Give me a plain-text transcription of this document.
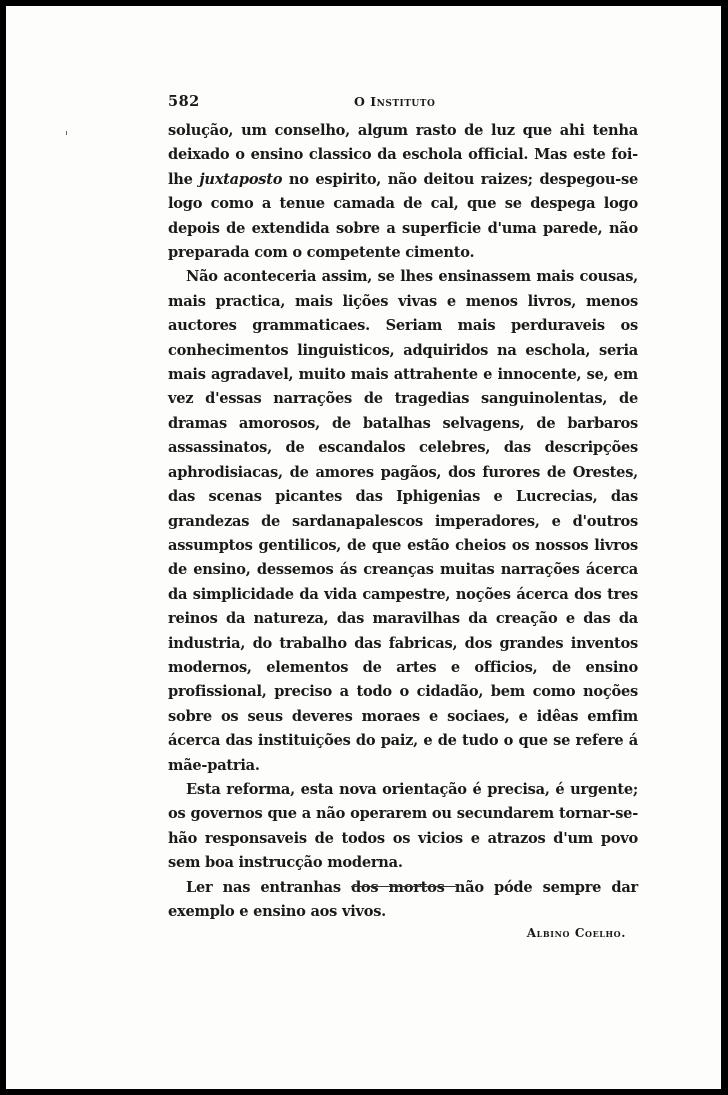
582	O Instituto

solução, um conselho, algum rasto de luz que ahi tenha deixado o ensino classico da eschola official. Mas este foi-lhe juxtaposto no espirito, não deitou raizes; despegou-se logo como a tenue camada de cal, que se despega logo depois de extendida sobre a superficie d'uma parede, não preparada com o competente cimento.

Não aconteceria assim, se lhes ensinassem mais cousas, mais practica, mais lições vivas e menos livros, menos auctores grammaticaes. Seriam mais perduraveis os conhecimentos linguisticos, adquiridos na eschola, seria mais agradavel, muito mais attrahente e innocente, se, em vez d'essas narrações de tragedias sanguinolentas, de dramas amorosos, de batalhas selvagens, de barbaros assassinatos, de escandalos celebres, das descripções aphrodisiacas, de amores pagãos, dos furores de Orestes, das scenas picantes das Iphigenias e Lucrecias, das grandezas de sardanapalescos imperadores, e d'outros assumptos gentilicos, de que estão cheios os nossos livros de ensino, dessemos ás creanças muitas narrações ácerca da simplicidade da vida campestre, noções ácerca dos tres reinos da natureza, das maravilhas da creação e das da industria, do trabalho das fabricas, dos grandes inventos modernos, elementos de artes e officios, de ensino profissional, preciso a todo o cidadão, bem como noções sobre os seus deveres moraes e sociaes, e idêas emfim ácerca das instituições do paiz, e de tudo o que se refere á mãe-patria.

Esta reforma, esta nova orientação é precisa, é urgente; os governos que a não operarem ou secundarem tornar-se-hão responsaveis de todos os vicios e atrazos d'um povo sem boa instrucção moderna.

Ler nas entranhas dos mortos não póde sempre dar exemplo e ensino aos vivos.

Albino Coelho.
